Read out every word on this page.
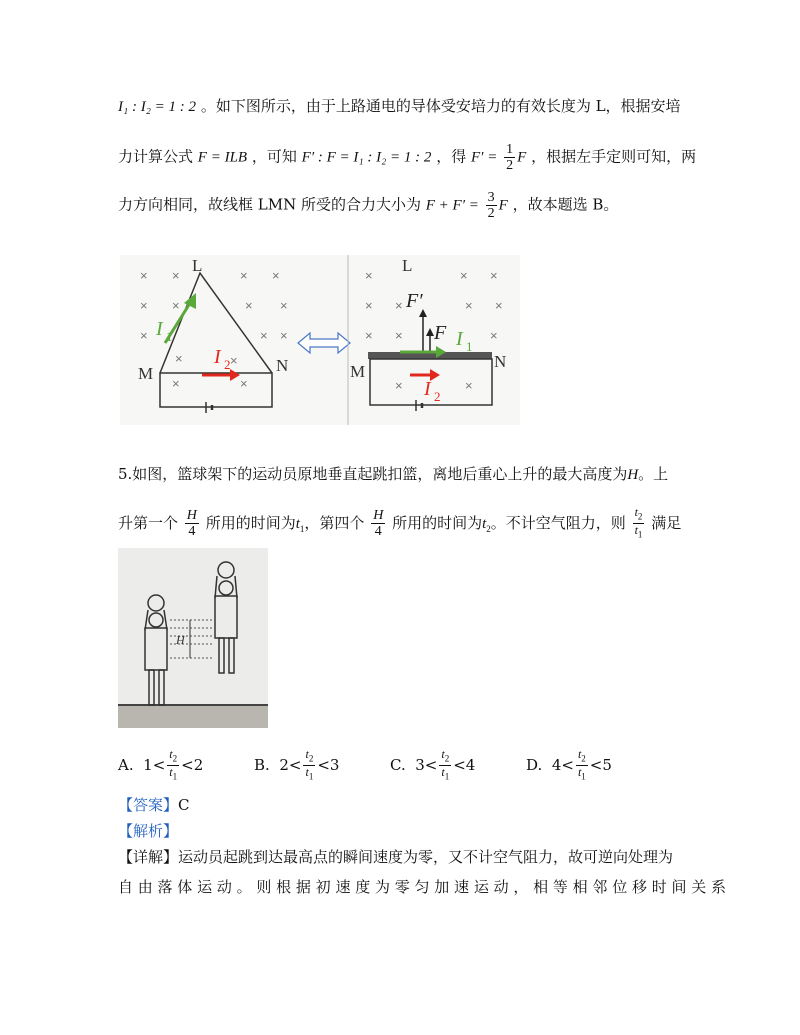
I₁ : I₂ = 1 : 2 。如下图所示，由于上路通电的导体受安培力的有效长度为 L，根据安培
力计算公式 F = ILB ，可知 F′ : F = I₁ : I₂ = 1 : 2 ，得 $F' = \frac{1}{2}$ F ，根据左手定则可知，两
力方向相同，故线框 LMN 所受的合力大小为 $F + F' = \frac{3}{2}$ F ，故本题选 B。
× ×	× ×
× ×	× ×
×	× ×
×	×
×	×
L
M	N
I 1
I 2
×	× ×
× ×	× ×
× ×	×
×	×
L
M
N
F′
F I 1
I 2
5.如图，篮球架下的运动员原地垂直起跳扣篮，离地后重心上升的最大高度为H。上
升第一个 $\frac{H}{4}$ 所用的时间为$t_1$，第四个 $\frac{H}{4}$ 所用的时间为$t_2$。不计空气阻力，则 $\frac{t_2}{t_1}$ 满足
H
A. $1< \frac{t_2}{t_1} <2$	B. $2< \frac{t_2}{t_1} <3$	C. $3< \frac{t_2}{t_1} <4$	D. $4< \frac{t_2}{t_1} <5$
【答案】C
【解析】
【详解】运动员起跳到达最高点的瞬间速度为零，又不计空气阻力，故可逆向处理为
自 由 落 体 运 动 。 则 根 据 初 速 度 为 零 匀 加 速 运 动 ， 相 等 相 邻 位 移 时 间 关 系
